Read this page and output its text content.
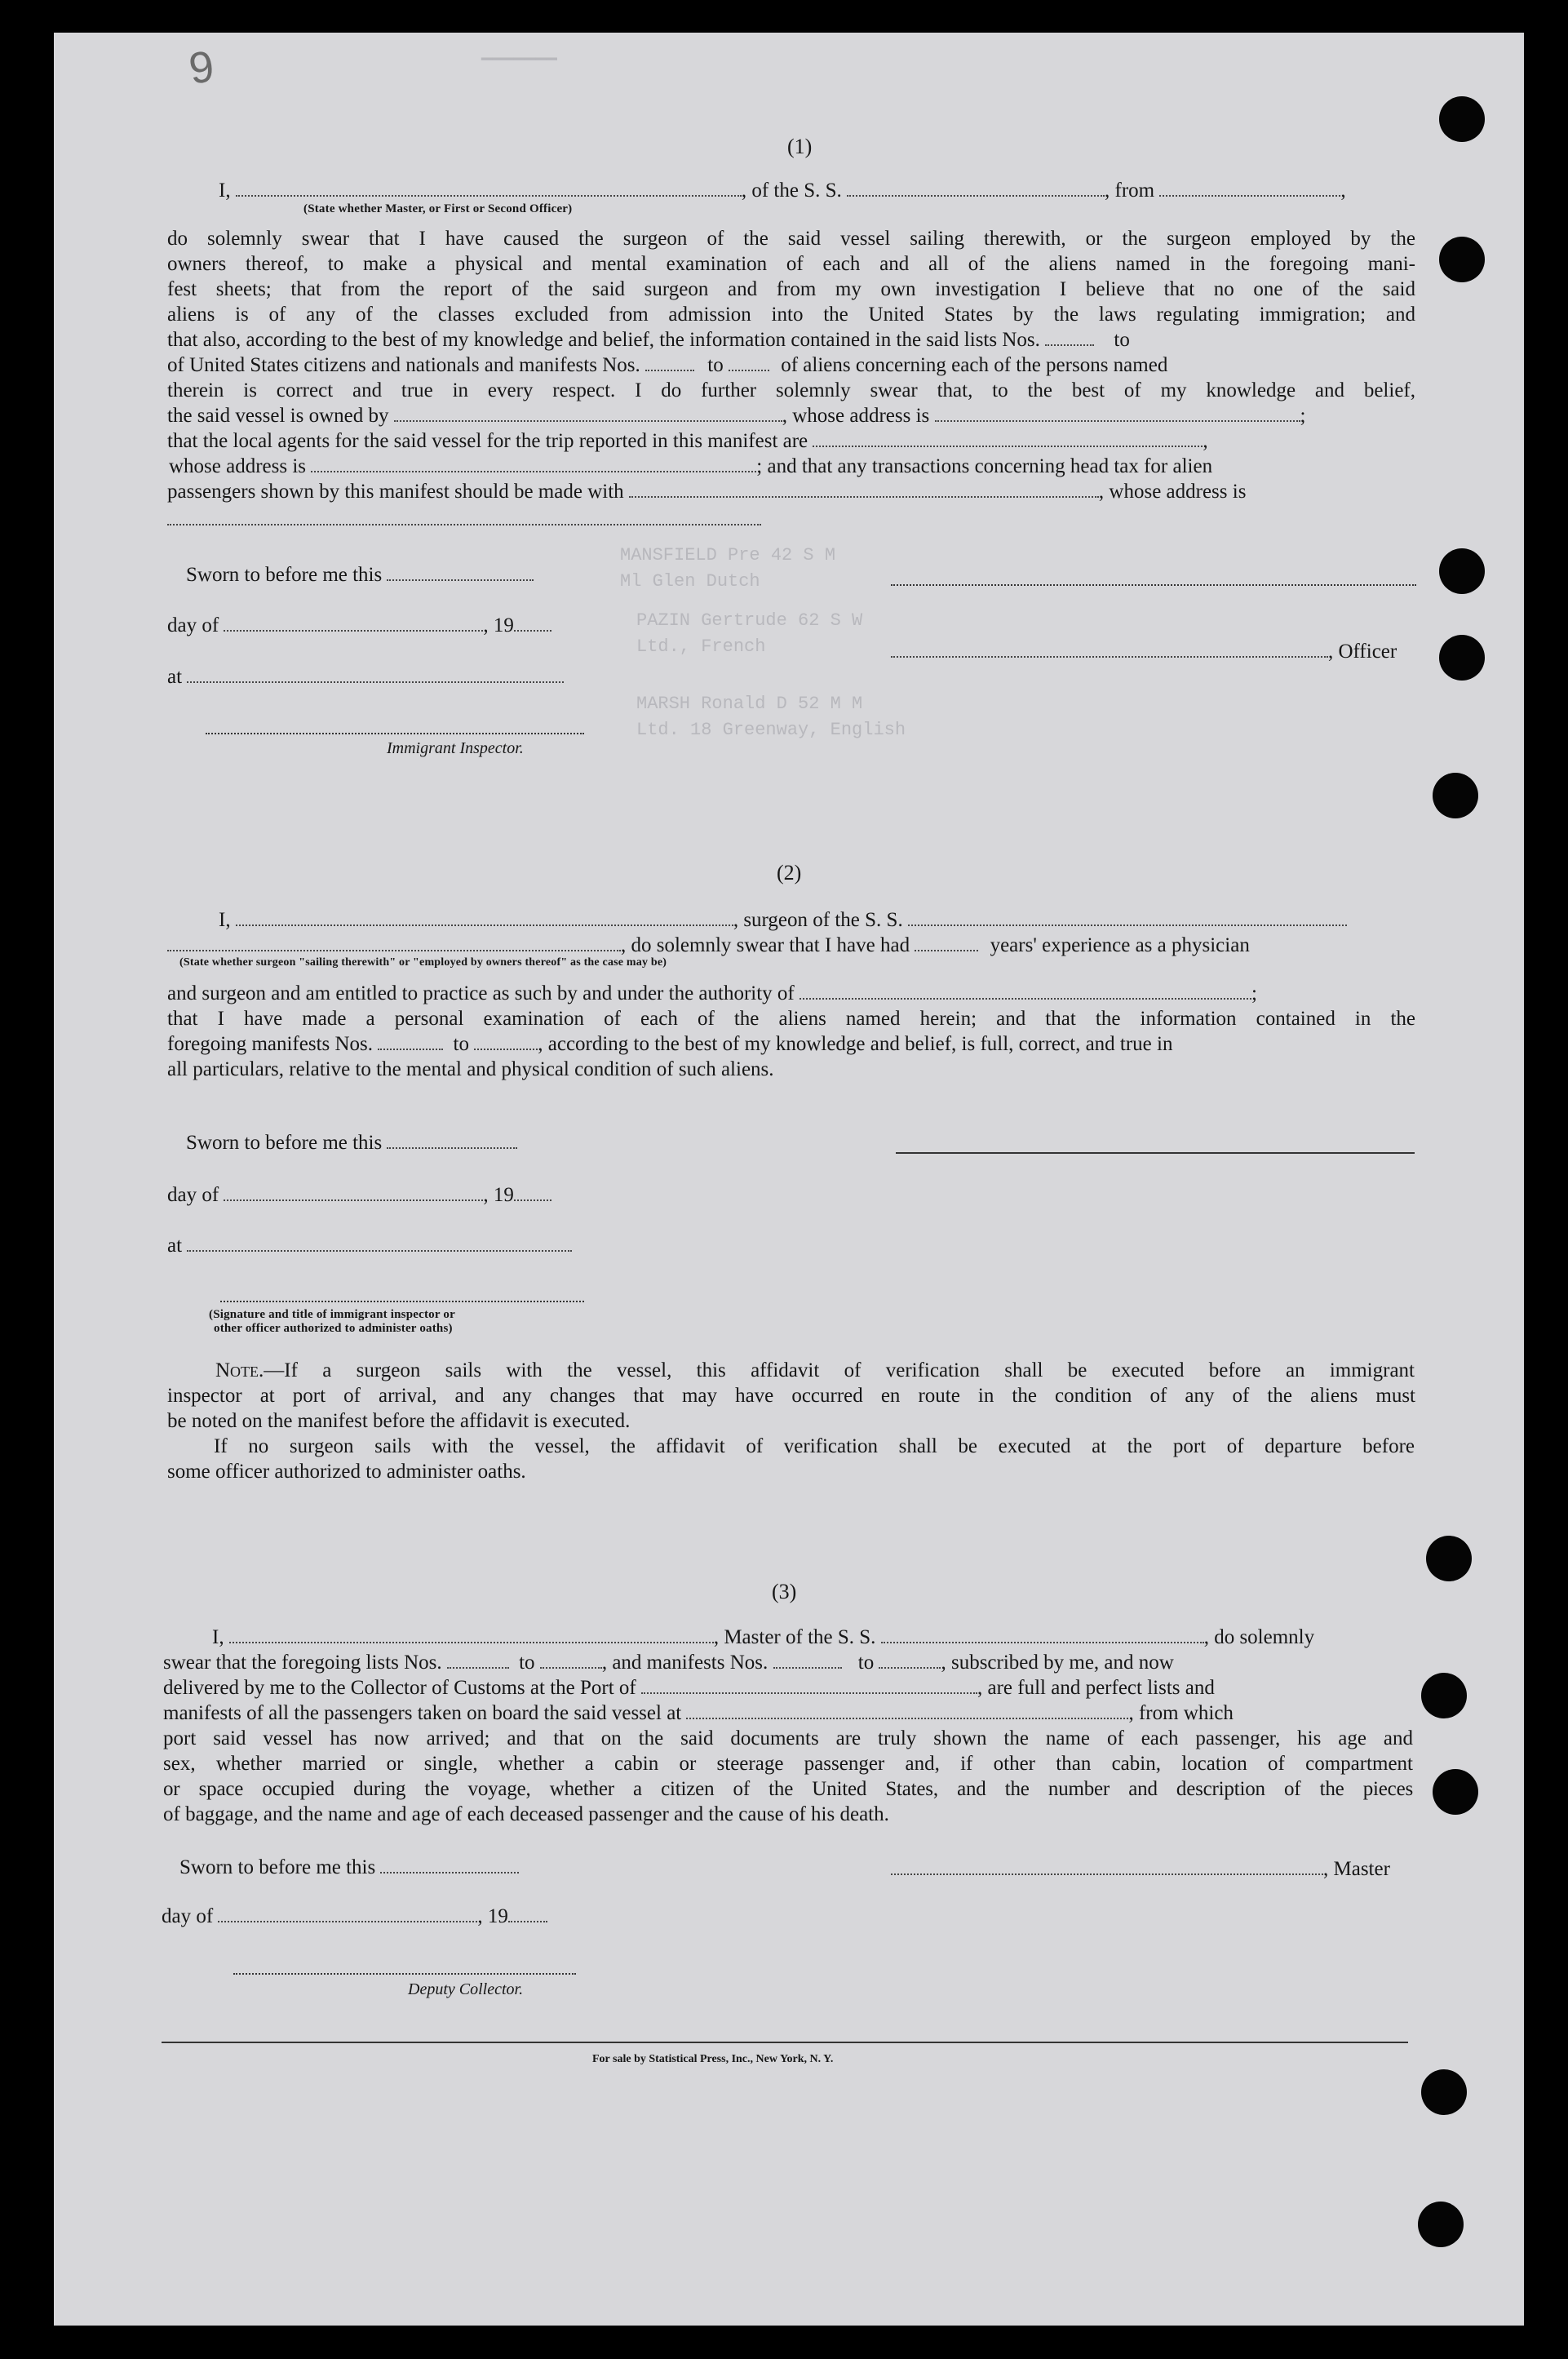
9	▔▔▔▔▔▔▔
(1)
I,	, of the S. S.	, from	,
(State whether Master, or First or Second Officer)
do solemnly swear that I have caused the surgeon of the said vessel sailing therewith, or the surgeon employed by the
owners thereof, to make a physical and mental examination of each and all of the aliens named in the foregoing mani-
fest sheets; that from the report of the said surgeon and from my own investigation I believe that no one of the said
aliens is of any of the classes excluded from admission into the United States by the laws regulating immigration; and
that also, according to the best of my knowledge and belief, the information contained in the said lists Nos.	to
of United States citizens and nationals and manifests Nos.	to	of aliens concerning each of the persons named
therein is correct and true in every respect. I do further solemnly swear that, to the best of my knowledge and belief,
the said vessel is owned by	, whose address is	;
that the local agents for the said vessel for the trip reported in this manifest are	,
whose address is	; and that any transactions concerning head tax for alien
passengers shown by this manifest should be made with	, whose address is
Sworn to before me this
day of	, 19
at
Immigrant Inspector.
, Officer
MANSFIELD Pre 42 S M
Ml Glen Dutch
PAZIN Gertrude 62 S W
Ltd., French
MARSH Ronald D 52 M M
Ltd. 18 Greenway, English
(2)
I,	, surgeon of the S. S.
, do solemnly swear that I have had	years' experience as a physician
(State whether surgeon "sailing therewith" or "employed by owners thereof" as the case may be)
and surgeon and am entitled to practice as such by and under the authority of	;
that I have made a personal examination of each of the aliens named herein; and that the information contained in the
foregoing manifests Nos.	to	, according to the best of my knowledge and belief, is full, correct, and true in
all particulars, relative to the mental and physical condition of such aliens.
Sworn to before me this
day of	, 19
at
(Signature and title of immigrant inspector or
other officer authorized to administer oaths)
Note.—If a surgeon sails with the vessel, this affidavit of verification shall be executed before an immigrant
inspector at port of arrival, and any changes that may have occurred en route in the condition of any of the aliens must
be noted on the manifest before the affidavit is executed.
If no surgeon sails with the vessel, the affidavit of verification shall be executed at the port of departure before
some officer authorized to administer oaths.
(3)
I,	, Master of the S. S.	, do solemnly
swear that the foregoing lists Nos.	to	, and manifests Nos.	to	, subscribed by me, and now
delivered by me to the Collector of Customs at the Port of	, are full and perfect lists and
manifests of all the passengers taken on board the said vessel at	, from which
port said vessel has now arrived; and that on the said documents are truly shown the name of each passenger, his age and
sex, whether married or single, whether a cabin or steerage passenger and, if other than cabin, location of compartment
or space occupied during the voyage, whether a citizen of the United States, and the number and description of the pieces
of baggage, and the name and age of each deceased passenger and the cause of his death.
Sworn to before me this	, Master
day of	, 19
Deputy Collector.
For sale by Statistical Press, Inc., New York, N. Y.
